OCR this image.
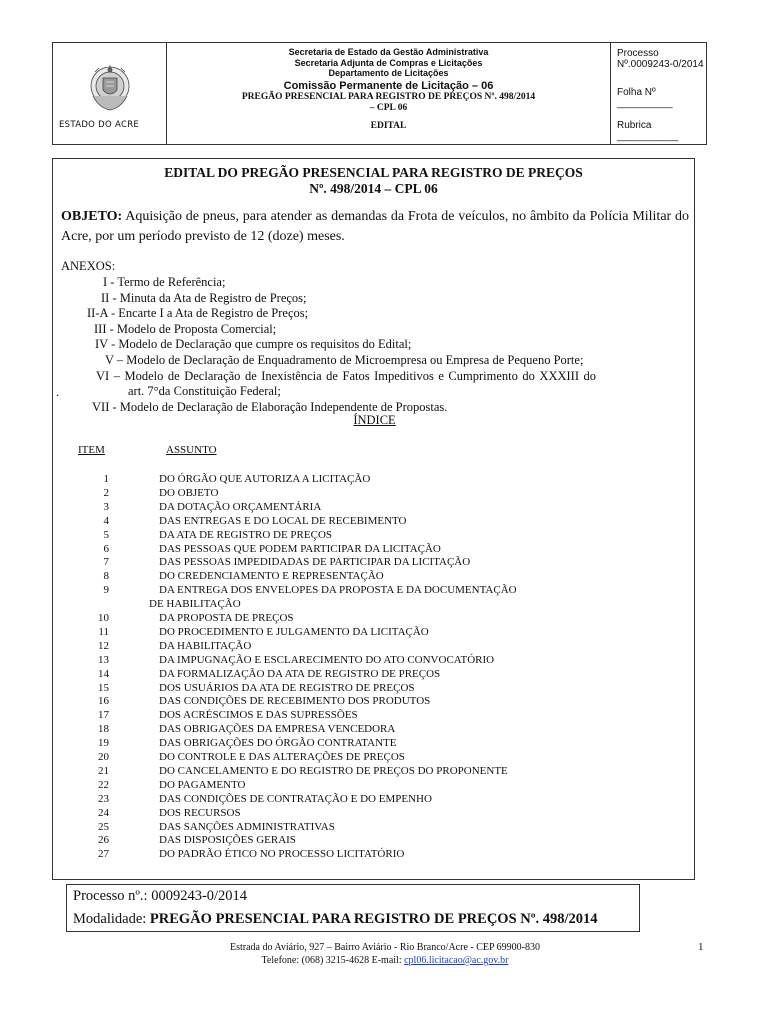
ESTADO DO ACRE
Secretaria de Estado da Gestão Administrativa
Secretaria Adjunta de Compras e Licitações
Departamento de Licitações
Comissão Permanente de Licitação – 06
PREGÃO PRESENCIAL PARA REGISTRO DE PREÇOS Nº. 498/2014
– CPL 06
EDITAL
Processo Nº.0009243-0/2014
Folha Nº __________
Rubrica ___________
EDITAL DO PREGÃO PRESENCIAL PARA REGISTRO DE PREÇOS
Nº. 498/2014 – CPL 06
OBJETO: Aquisição de pneus, para atender as demandas da Frota de veículos, no âmbito da Polícia Militar do Acre, por um período previsto de 12 (doze) meses.
ANEXOS:
I - Termo de Referência;
II - Minuta da Ata de Registro de Preços;
II-A - Encarte I a Ata de Registro de Preços;
III - Modelo de Proposta Comercial;
IV - Modelo de Declaração que cumpre os requisitos do Edital;
V – Modelo de Declaração de Enquadramento de Microempresa ou Empresa de Pequeno Porte;
VI – Modelo de Declaração de Inexistência de Fatos Impeditivos e Cumprimento do XXXIII do
.	art. 7°da Constituição Federal;
VII - Modelo de Declaração de Elaboração Independente de Propostas.
ÍNDICE
ITEM	ASSUNTO
1	DO ÓRGÃO QUE AUTORIZA A LICITAÇÃO
2	DO OBJETO
3	DA DOTAÇÃO ORÇAMENTÁRIA
4	DAS ENTREGAS E DO LOCAL DE RECEBIMENTO
5	DA ATA DE REGISTRO DE PREÇOS
6	DAS PESSOAS QUE PODEM PARTICIPAR DA LICITAÇÃO
7	DAS PESSOAS IMPEDIDADAS DE PARTICIPAR DA LICITAÇÃO
8	DO CREDENCIAMENTO E REPRESENTAÇÃO
9	DA ENTREGA DOS ENVELOPES DA PROPOSTA E DA DOCUMENTAÇÃO
DE HABILITAÇÃO
10	DA PROPOSTA DE PREÇOS
11	DO PROCEDIMENTO E JULGAMENTO DA LICITAÇÃO
12	DA HABILITAÇÃO
13	DA IMPUGNAÇÃO E ESCLARECIMENTO DO ATO CONVOCATÓRIO
14	DA FORMALIZAÇÃO DA ATA DE REGISTRO DE PREÇOS
15	DOS USUÁRIOS DA ATA DE REGISTRO DE PREÇOS
16	DAS CONDIÇÕES DE RECEBIMENTO DOS PRODUTOS
17	DOS ACRÉSCIMOS E DAS SUPRESSÕES
18	DAS OBRIGAÇÕES DA EMPRESA VENCEDORA
19	DAS OBRIGAÇÕES DO ÓRGÃO CONTRATANTE
20	DO CONTROLE E DAS ALTERAÇÕES DE PREÇOS
21	DO CANCELAMENTO E DO REGISTRO DE PREÇOS DO PROPONENTE
22	DO PAGAMENTO
23	DAS CONDIÇÕES DE CONTRATAÇÃO E DO EMPENHO
24	DOS RECURSOS
25	DAS SANÇÕES ADMINISTRATIVAS
26	DAS DISPOSIÇÕES GERAIS
27	DO PADRÃO ÉTICO NO PROCESSO LICITATÓRIO
Processo nº.: 0009243-0/2014
Modalidade: PREGÃO PRESENCIAL PARA REGISTRO DE PREÇOS Nº. 498/2014
Estrada do Aviário, 927 – Bairro Aviário - Rio Branco/Acre - CEP 69900-830
Telefone: (068) 3215-4628 E-mail: cpl06.licitacao@ac.gov.br
1
